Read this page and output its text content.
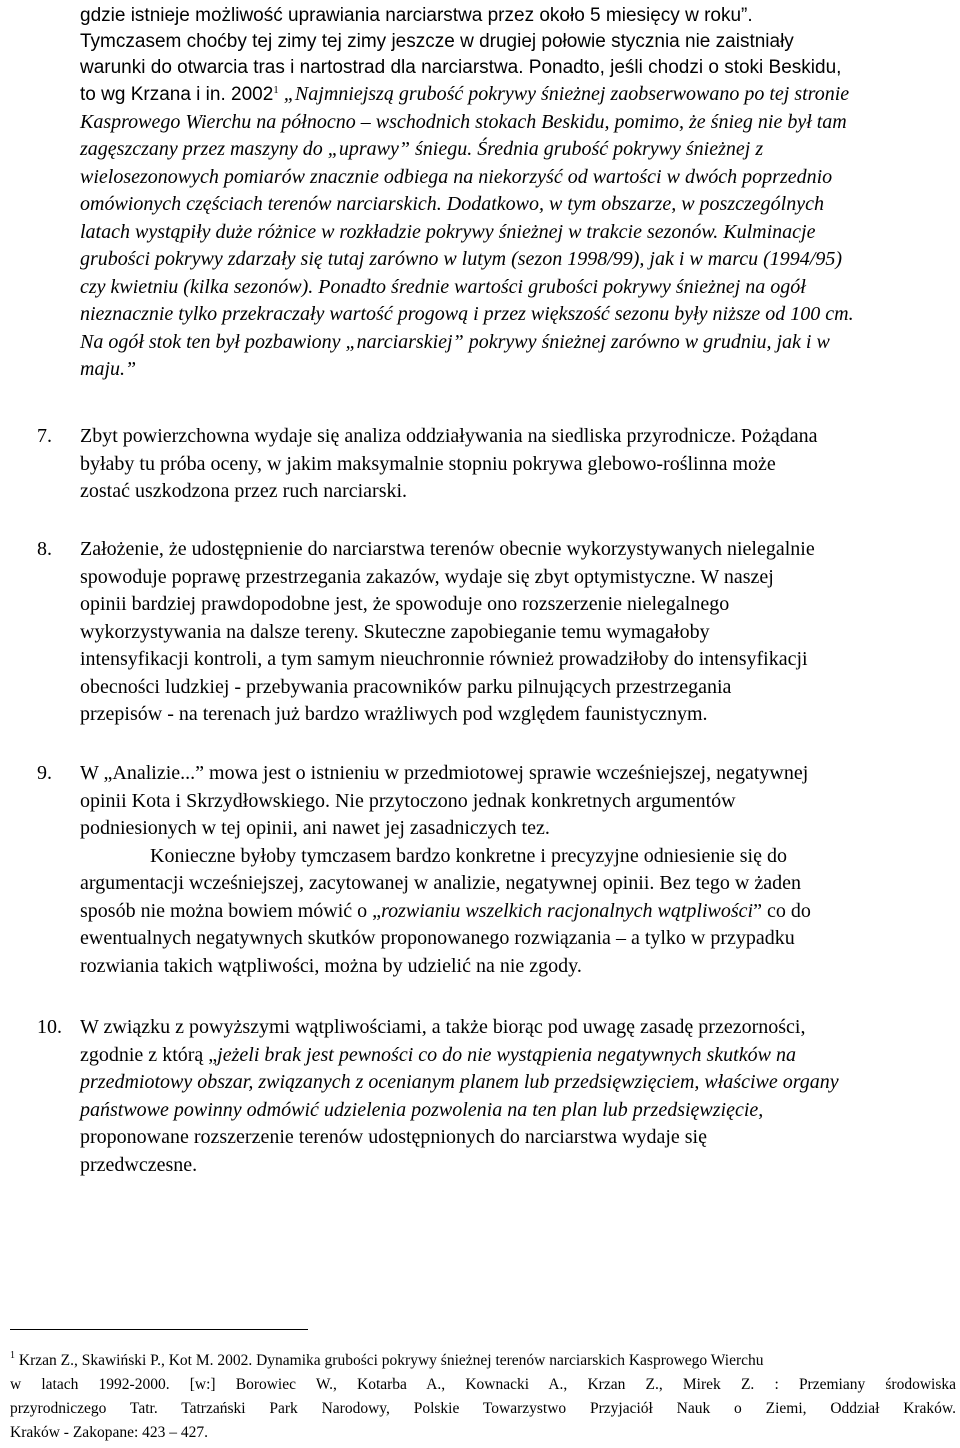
gdzie istnieje możliwość uprawiania narciarstwa przez około 5 miesięcy w roku”.
Tymczasem choćby tej zimy tej zimy jeszcze w drugiej połowie stycznia nie zaistniały
warunki do otwarcia tras i nartostrad dla narciarstwa. Ponadto, jeśli chodzi o stoki Beskidu,
to wg Krzana i in. 2002$^1$ „Najmniejszą grubość pokrywy śnieżnej zaobserwowano po tej stronie
Kasprowego Wierchu na północno – wschodnich stokach Beskidu, pomimo, że śnieg nie był tam
zagęszczany przez maszyny do „uprawy” śniegu. Średnia grubość pokrywy śnieżnej z
wielosezonowych pomiarów znacznie odbiega na niekorzyść od wartości w dwóch poprzednio
omówionych częściach terenów narciarskich. Dodatkowo, w tym obszarze, w poszczególnych
latach wystąpiły duże różnice w rozkładzie pokrywy śnieżnej w trakcie sezonów. Kulminacje
grubości pokrywy zdarzały się tutaj zarówno w lutym (sezon 1998/99), jak i w marcu (1994/95)
czy kwietniu (kilka sezonów). Ponadto średnie wartości grubości pokrywy śnieżnej na ogół
nieznacznie tylko przekraczały wartość progową i przez większość sezonu były niższe od 100 cm.
Na ogół stok ten był pozbawiony „narciarskiej” pokrywy śnieżnej zarówno w grudniu, jak i w
maju.”
7. Zbyt powierzchowna wydaje się analiza oddziaływania na siedliska przyrodnicze. Pożądana
byłaby tu próba oceny, w jakim maksymalnie stopniu pokrywa glebowo-roślinna może
zostać uszkodzona przez ruch narciarski.
8. Założenie, że udostępnienie do narciarstwa terenów obecnie wykorzystywanych nielegalnie
spowoduje poprawę przestrzegania zakazów, wydaje się zbyt optymistyczne. W naszej
opinii bardziej prawdopodobne jest, że spowoduje ono rozszerzenie nielegalnego
wykorzystywania na dalsze tereny. Skuteczne zapobieganie temu wymagałoby
intensyfikacji kontroli, a tym samym nieuchronnie również prowadziłoby do intensyfikacji
obecności ludzkiej - przebywania pracowników parku pilnujących przestrzegania
przepisów - na terenach już bardzo wrażliwych pod względem faunistycznym.
9. W „Analizie...” mowa jest o istnieniu w przedmiotowej sprawie wcześniejszej, negatywnej
opinii Kota i Skrzydłowskiego. Nie przytoczono jednak konkretnych argumentów
podniesionych w tej opinii, ani nawet jej zasadniczych tez.
Konieczne byłoby tymczasem bardzo konkretne i precyzyjne odniesienie się do
argumentacji wcześniejszej, zacytowanej w analizie, negatywnej opinii. Bez tego w żaden
sposób nie można bowiem mówić o „rozwianiu wszelkich racjonalnych wątpliwości” co do
ewentualnych negatywnych skutków proponowanego rozwiązania – a tylko w przypadku
rozwiania takich wątpliwości, można by udzielić na nie zgody.
10. W związku z powyższymi wątpliwościami, a także biorąc pod uwagę zasadę przezorności,
zgodnie z którą „jeżeli brak jest pewności co do nie wystąpienia negatywnych skutków na
przedmiotowy obszar, związanych z ocenianym planem lub przedsięwzięciem, właściwe organy
państwowe powinny odmówić udzielenia pozwolenia na ten plan lub przedsięwzięcie,
proponowane rozszerzenie terenów udostępnionych do narciarstwa wydaje się
przedwczesne.
$^1$ Krzan Z., Skawiński P., Kot M. 2002. Dynamika grubości pokrywy śnieżnej terenów narciarskich Kasprowego Wierchu
w latach 1992-2000. [w:] Borowiec W., Kotarba A., Kownacki A., Krzan Z., Mirek Z. : Przemiany środowiska
przyrodniczego Tatr. Tatrzański Park Narodowy, Polskie Towarzystwo Przyjaciół Nauk o Ziemi, Oddział Kraków.
Kraków - Zakopane: 423 – 427.
